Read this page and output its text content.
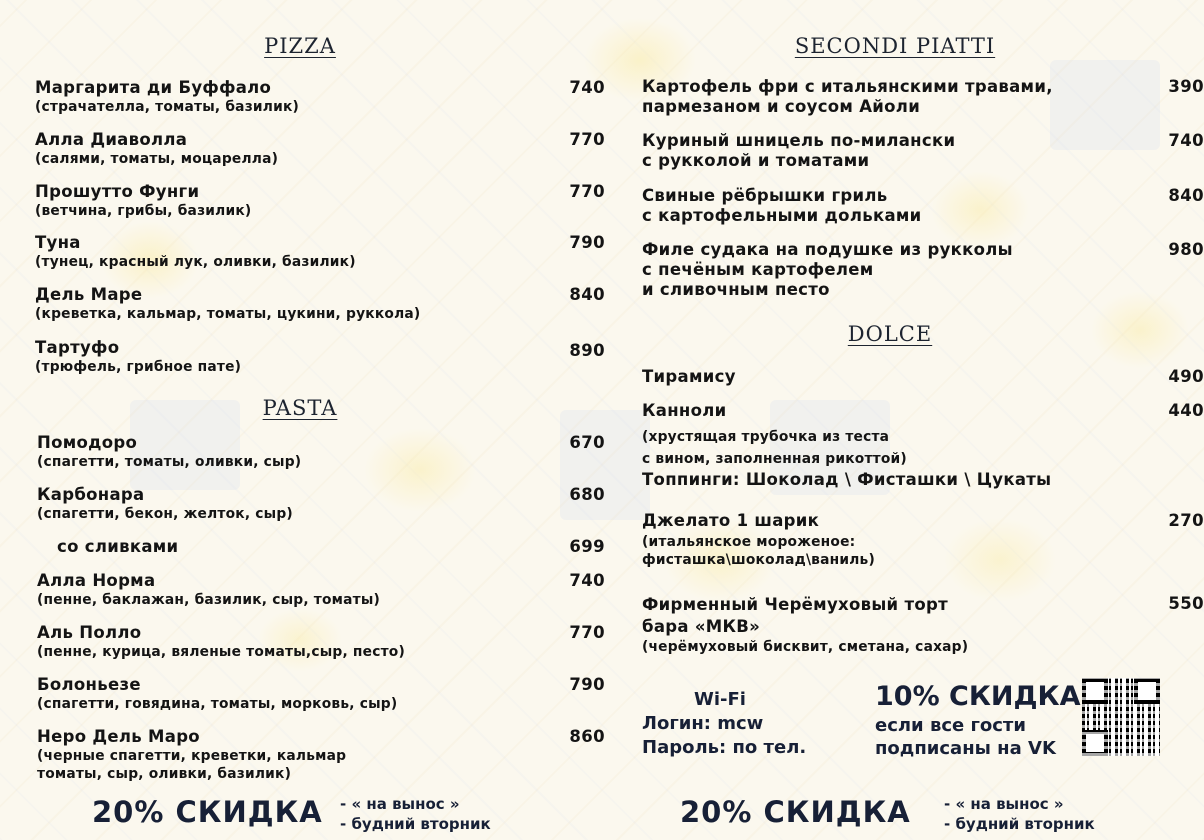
PIZZA
Маргарита ди Буффало
(страчателла, томаты, базилик)
740
Алла Диаволла
(салями, томаты, моцарелла)
770
Прошутто Фунги
(ветчина, грибы, базилик)
770
Туна
(тунец, красный лук, оливки, базилик)
790
Дель Маре
(креветка, кальмар, томаты, цукини, руккола)
840
Тартуфо
(трюфель, грибное пате)
890
PASTA
Помодоро
(спагетти, томаты, оливки, сыр)
670
Карбонара
(спагетти, бекон, желток, сыр)
680
со сливками	699
Алла Норма
(пенне, баклажан, базилик, сыр, томаты)
740
Аль Полло
(пенне, курица, вяленые томаты,сыр, песто)
770
Болоньезе
(спагетти, говядина, томаты, морковь, сыр)
790
Неро Дель Маро
(черные спагетти, креветки, кальмар
томаты, сыр, оливки, базилик)
860
20% СКИДКА - « на вынос »
- будний вторник
SECONDI PIATTI
Картофель фри с итальянскими травами,
пармезаном и соусом Айоли
390
Куриный шницель по-милански
с рукколой и томатами
740
Свиные рёбрышки гриль
с картофельными дольками
840
Филе судака на подушке из рукколы
с печёным картофелем
и сливочным песто
980
DOLCE
Тирамису	490
Канноли
(хрустящая трубочка из теста
с вином, заполненная рикоттой)
Топпинги: Шоколад \ Фисташки \ Цукаты
440
Джелато 1 шарик
(итальянское мороженое:
фисташка\шоколад\ваниль)
270
Фирменный Черёмуховый торт
бара «МКВ»
(черёмуховый бисквит, сметана, сахар)
550
Wi-Fi
Логин: mcw
Пароль: по тел.
10% СКИДКА
если все гости
подписаны на VK
20% СКИДКА - « на вынос »
- будний вторник
